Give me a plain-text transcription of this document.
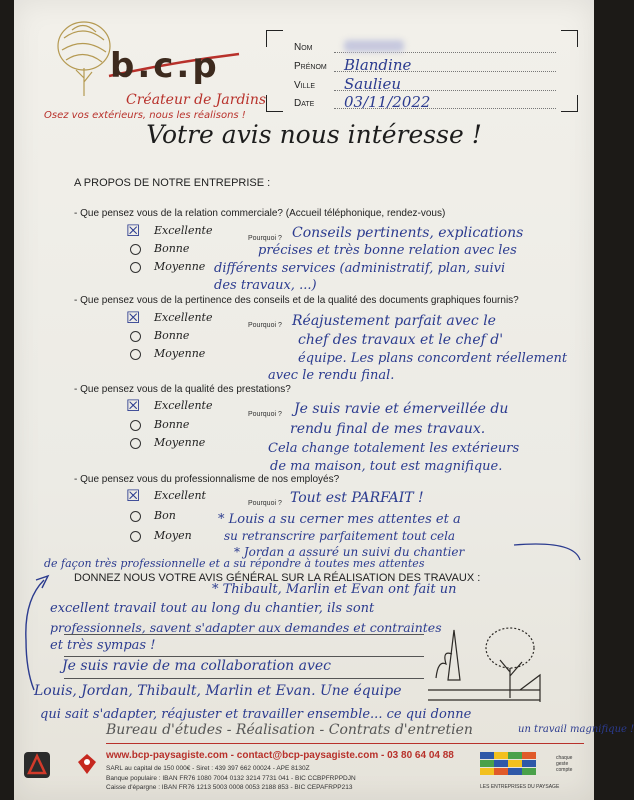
b.c.p
Créateur de Jardins
Osez vos extérieurs, nous les réalisons !
Nom
Prénom Blandine
Ville Saulieu
Date 03/11/2022
Votre avis nous intéresse !
A PROPOS DE NOTRE ENTREPRISE :
- Que pensez vous de la relation commerciale? (Accueil téléphonique, rendez-vous)
☒ Excellente
Bonne
Moyenne
Pourquoi ? Conseils pertinents, explications
précises et très bonne relation avec les
différents services (administratif, plan, suivi
des travaux, ...)
- Que pensez vous de la pertinence des conseils et de la qualité des documents graphiques fournis?
☒ Excellente
Bonne
Moyenne
Pourquoi ? Réajustement parfait avec le
chef des travaux et le chef d'
équipe. Les plans concordent réellement
avec le rendu final.
- Que pensez vous de la qualité des prestations?
☒ Excellente
Bonne
Moyenne
Pourquoi ? Je suis ravie et émerveillée du
rendu final de mes travaux.
Cela change totalement les extérieurs
de ma maison, tout est magnifique.
- Que pensez vous du professionnalisme de nos employés?
☒ Excellent
Bon
Moyen
Pourquoi ? Tout est PARFAIT !
* Louis a su cerner mes attentes et a
su retranscrire parfaitement tout cela
* Jordan a assuré un suivi du chantier
de façon très professionnelle et a su répondre à toutes mes attentes
DONNEZ NOUS VOTRE AVIS GÉNÉRAL SUR LA RÉALISATION DES TRAVAUX :
* Thibault, Marlin et Evan ont fait un
excellent travail tout au long du chantier, ils sont
professionnels, savent s'adapter aux demandes et contraintes
et très sympas !
Je suis ravie de ma collaboration avec
Louis, Jordan, Thibault, Marlin et Evan. Une équipe
qui sait s'adapter, réajuster et travailler ensemble... ce qui donne
un travail magnifique !
Bureau d'études - Réalisation - Contrats d'entretien
www.bcp-paysagiste.com - contact@bcp-paysagiste.com - 03 80 64 04 88
SARL au capital de 150 000€ - Siret : 439 397 662 00024 - APE 8130Z
Banque populaire : IBAN FR76 1080 7004 0132 3214 7731 041 - BIC CCBPFRPPDJN
Caisse d'épargne : IBAN FR76 1213 5003 0008 0053 2188 853 - BIC CEPAFRPP213	LES ENTREPRISES DU PAYSAGE
chaque geste compte
